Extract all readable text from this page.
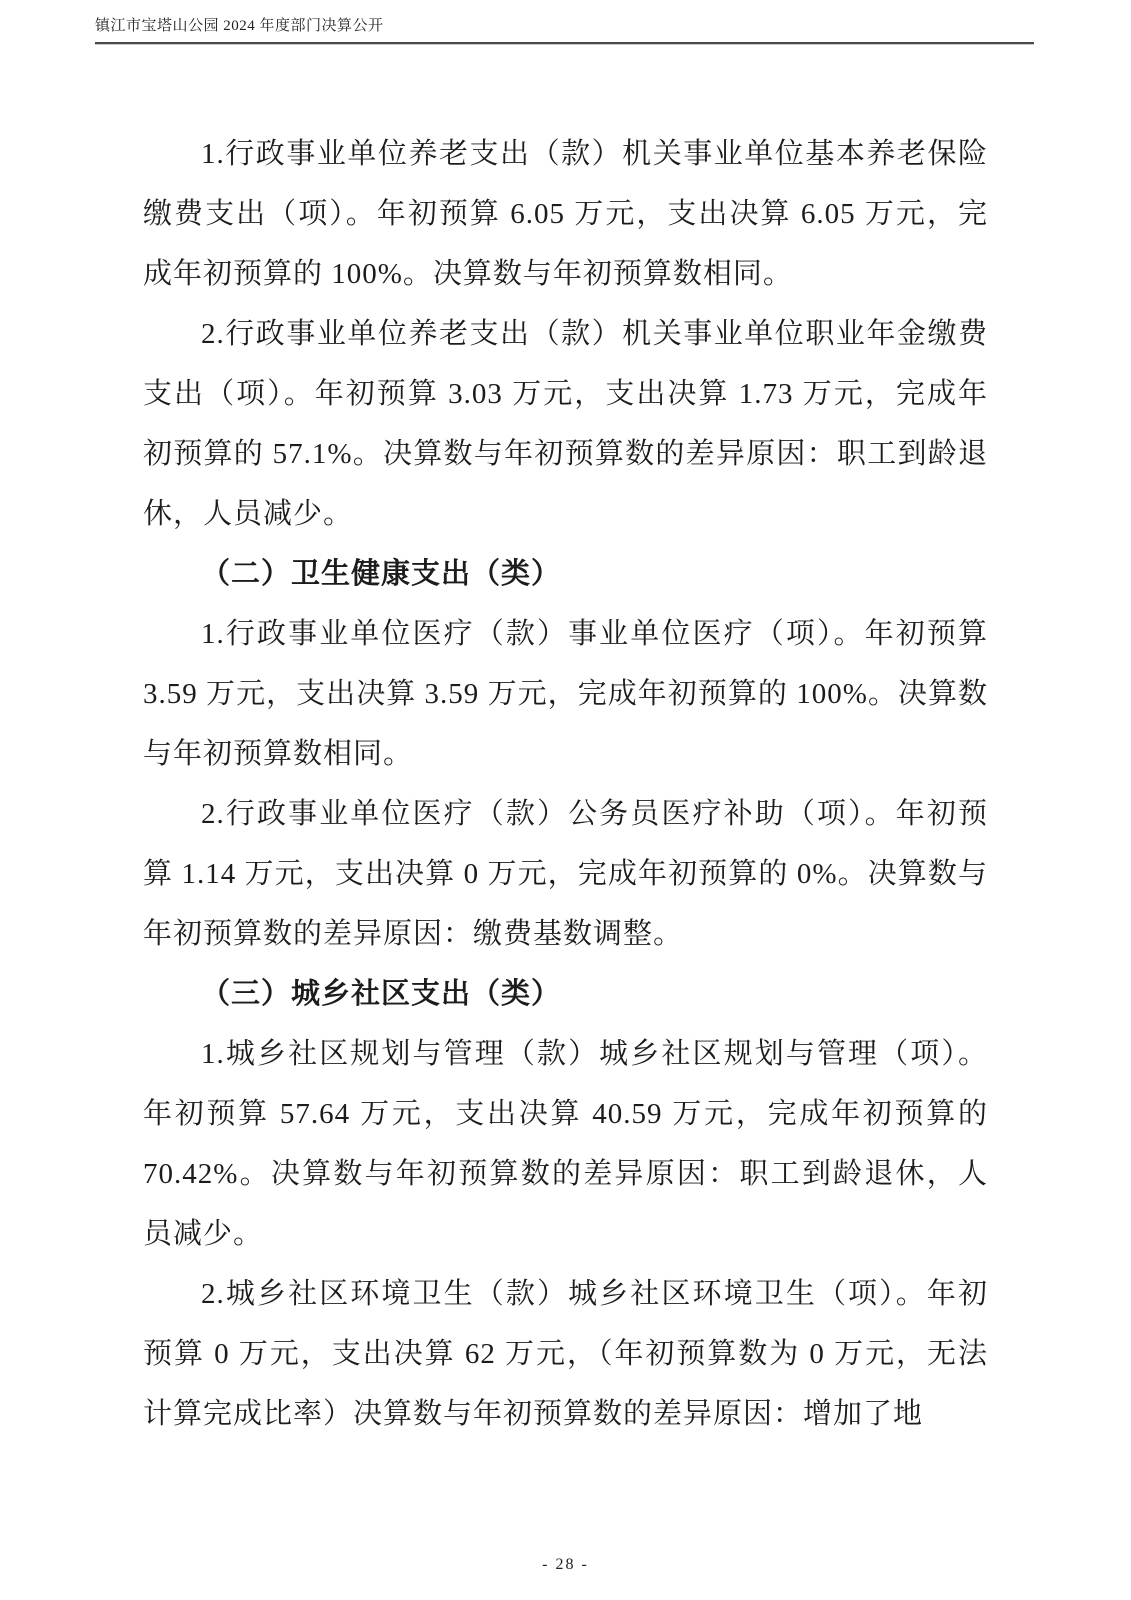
镇江市宝塔山公园 2024 年度部门决算公开
1.行政事业单位养老支出（款）机关事业单位基本养老保险缴费支出（项）。年初预算 6.05 万元，支出决算 6.05 万元，完成年初预算的 100%。决算数与年初预算数相同。
2.行政事业单位养老支出（款）机关事业单位职业年金缴费支出（项）。年初预算 3.03 万元，支出决算 1.73 万元，完成年初预算的 57.1%。决算数与年初预算数的差异原因：职工到龄退休，人员减少。
（二）卫生健康支出（类）
1.行政事业单位医疗（款）事业单位医疗（项）。年初预算 3.59 万元，支出决算 3.59 万元，完成年初预算的 100%。决算数与年初预算数相同。
2.行政事业单位医疗（款）公务员医疗补助（项）。年初预算 1.14 万元，支出决算 0 万元，完成年初预算的 0%。决算数与年初预算数的差异原因：缴费基数调整。
（三）城乡社区支出（类）
1.城乡社区规划与管理（款）城乡社区规划与管理（项）。年初预算 57.64 万元，支出决算 40.59 万元，完成年初预算的 70.42%。决算数与年初预算数的差异原因：职工到龄退休，人员减少。
2.城乡社区环境卫生（款）城乡社区环境卫生（项）。年初预算 0 万元，支出决算 62 万元，（年初预算数为 0 万元，无法计算完成比率）决算数与年初预算数的差异原因：增加了地
- 28 -
